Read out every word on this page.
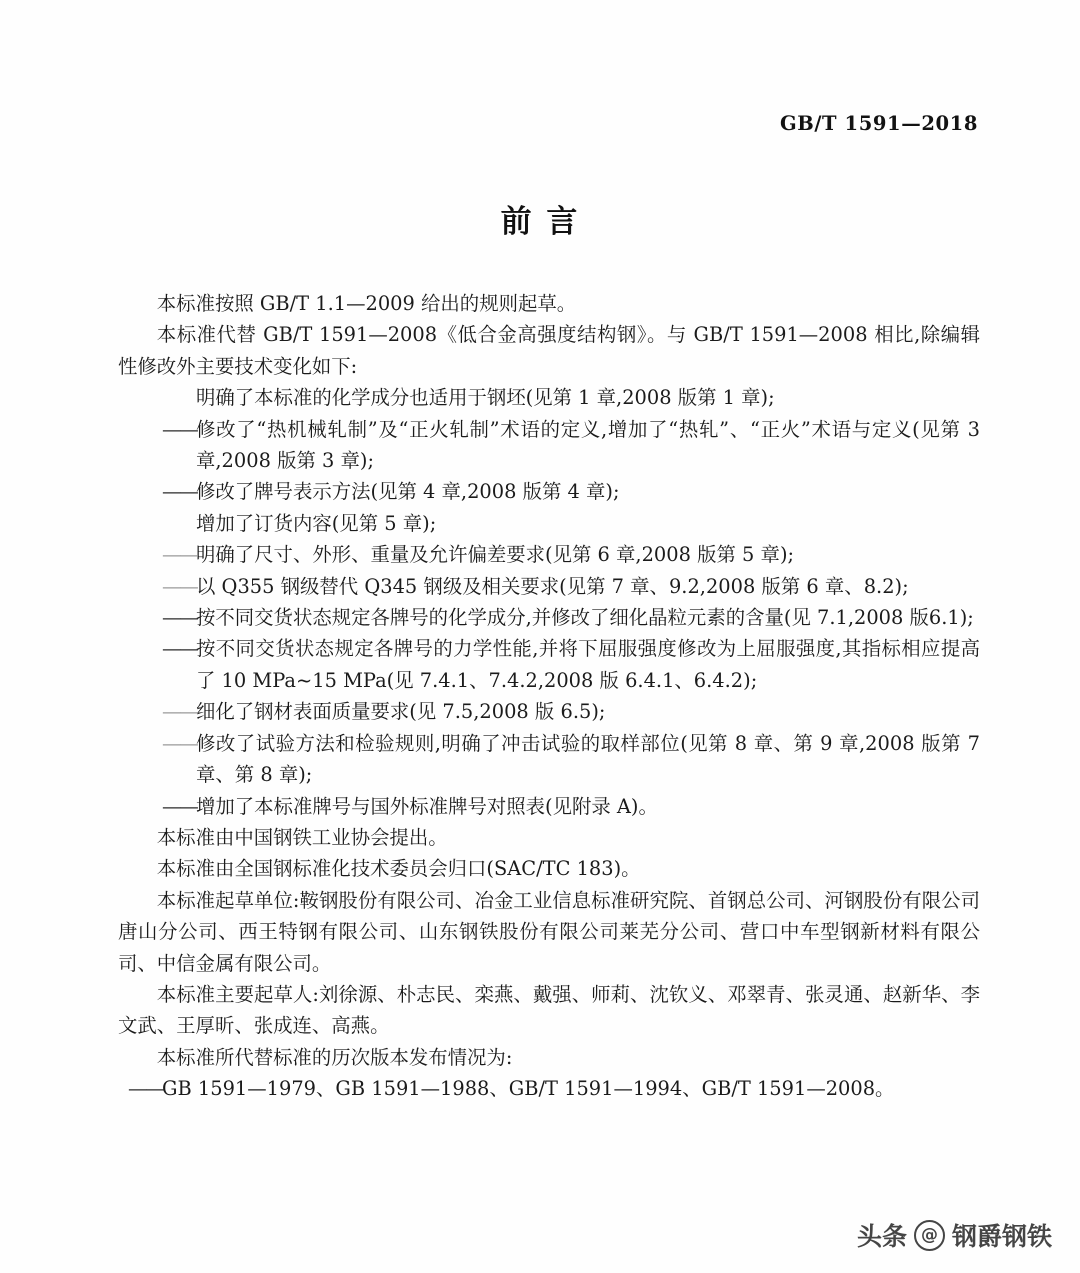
GB/T 1591—2018
前 言

本标准按照 GB/T 1.1—2009 给出的规则起草。

本标准代替 GB/T 1591—2008《低合金高强度结构钢》。与 GB/T 1591—2008 相比,除编辑性修改外主要技术变化如下:

明确了本标准的化学成分也适用于钢坯(见第 1 章,2008 版第 1 章);
—— 修改了“热机械轧制”及“正火轧制”术语的定义,增加了“热轧”、“正火”术语与定义(见第 3 章,2008 版第 3 章);
—— 修改了牌号表示方法(见第 4 章,2008 版第 4 章);
增加了订货内容(见第 5 章);
—— 明确了尺寸、外形、重量及允许偏差要求(见第 6 章,2008 版第 5 章);
—— 以 Q355 钢级替代 Q345 钢级及相关要求(见第 7 章、9.2,2008 版第 6 章、8.2);
—— 按不同交货状态规定各牌号的化学成分,并修改了细化晶粒元素的含量(见 7.1,2008 版6.1);
—— 按不同交货状态规定各牌号的力学性能,并将下屈服强度修改为上屈服强度,其指标相应提高了 10 MPa~15 MPa(见 7.4.1、7.4.2,2008 版 6.4.1、6.4.2);
—— 细化了钢材表面质量要求(见 7.5,2008 版 6.5);
—— 修改了试验方法和检验规则,明确了冲击试验的取样部位(见第 8 章、第 9 章,2008 版第 7 章、第 8 章);
—— 增加了本标准牌号与国外标准牌号对照表(见附录 A)。

本标准由中国钢铁工业协会提出。

本标准由全国钢标准化技术委员会归口(SAC/TC 183)。

本标准起草单位:鞍钢股份有限公司、冶金工业信息标准研究院、首钢总公司、河钢股份有限公司唐山分公司、西王特钢有限公司、山东钢铁股份有限公司莱芜分公司、营口中车型钢新材料有限公司、中信金属有限公司。

本标准主要起草人:刘徐源、朴志民、栾燕、戴强、师莉、沈钦义、邓翠青、张灵通、赵新华、李文武、王厚昕、张成连、高燕。

本标准所代替标准的历次版本发布情况为:

—— GB 1591—1979、GB 1591—1988、GB/T 1591—1994、GB/T 1591—2008。
头条 @ 钢爵钢铁
